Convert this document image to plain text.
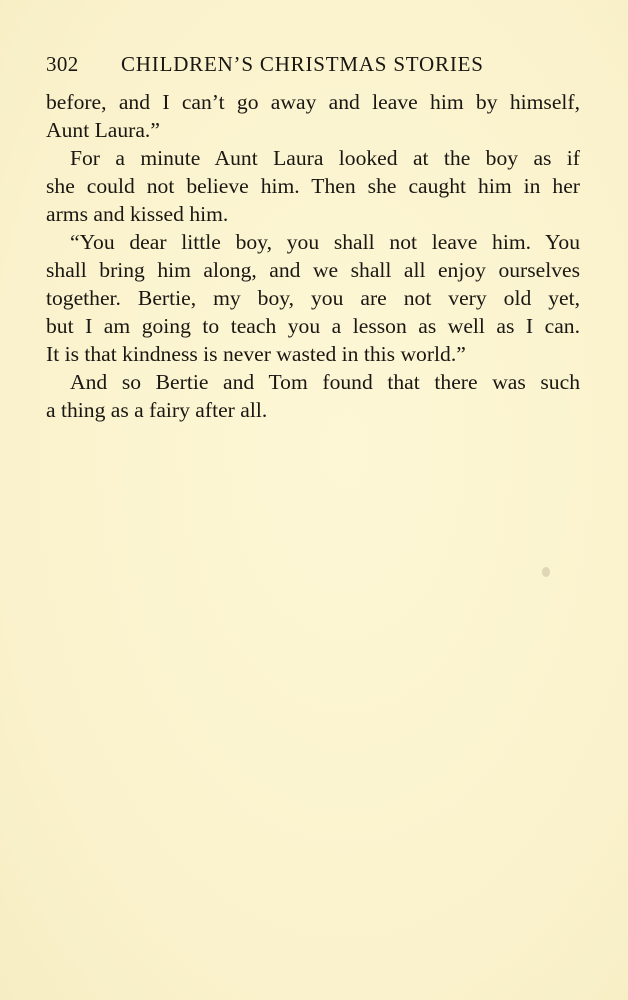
302 CHILDREN’S CHRISTMAS STORIES
before, and I can’t go away and leave him by himself,
Aunt Laura.”
For a minute Aunt Laura looked at the boy as if
she could not believe him. Then she caught him in her
arms and kissed him.
“You dear little boy, you shall not leave him. You
shall bring him along, and we shall all enjoy ourselves
together. Bertie, my boy, you are not very old yet,
but I am going to teach you a lesson as well as I can.
It is that kindness is never wasted in this world.”
And so Bertie and Tom found that there was such
a thing as a fairy after all.
